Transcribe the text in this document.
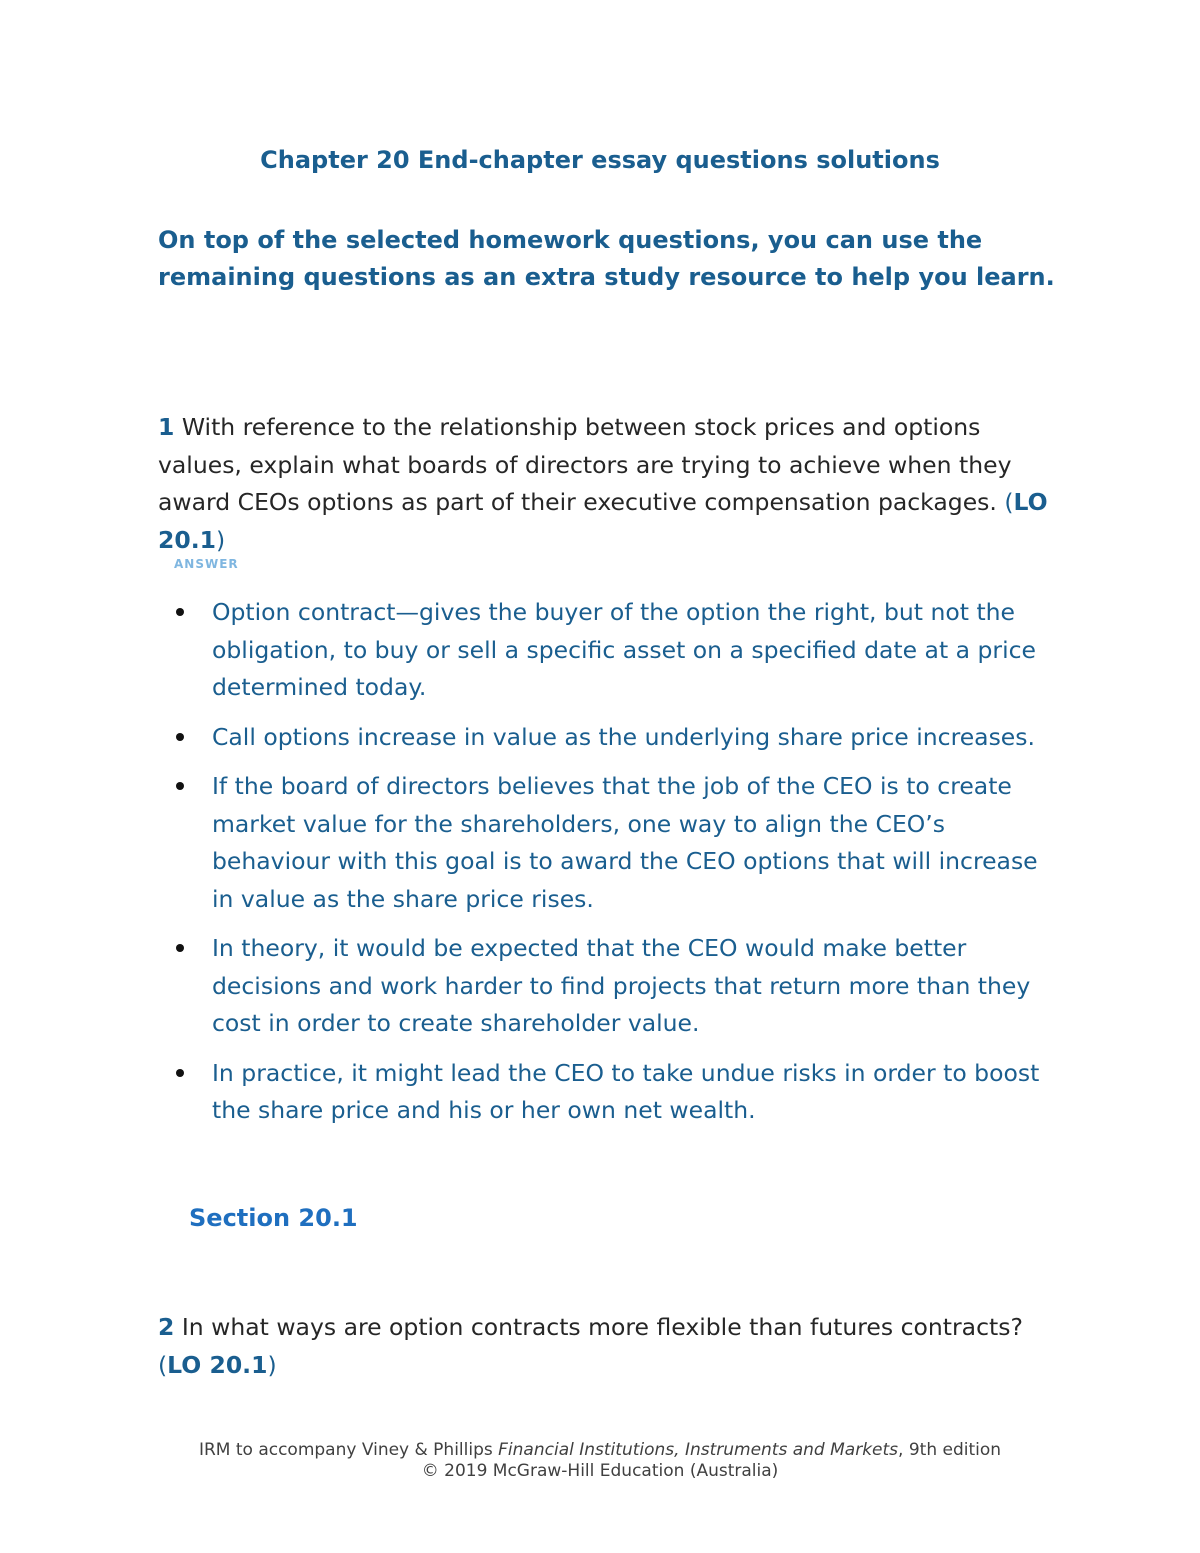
Chapter 20 End-chapter essay questions solutions

On top of the selected homework questions, you can use the remaining questions as an extra study resource to help you learn.

1 With reference to the relationship between stock prices and options values, explain what boards of directors are trying to achieve when they award CEOs options as part of their executive compensation packages. (LO 20.1)

ANSWER
Option contract—gives the buyer of the option the right, but not the obligation, to buy or sell a specific asset on a specified date at a price determined today.
Call options increase in value as the underlying share price increases.
If the board of directors believes that the job of the CEO is to create market value for the shareholders, one way to align the CEO’s behaviour with this goal is to award the CEO options that will increase in value as the share price rises.
In theory, it would be expected that the CEO would make better decisions and work harder to find projects that return more than they cost in order to create shareholder value.
In practice, it might lead the CEO to take undue risks in order to boost the share price and his or her own net wealth.
Section 20.1

2 In what ways are option contracts more flexible than futures contracts? (LO 20.1)

IRM to accompany Viney & Phillips Financial Institutions, Instruments and Markets, 9th edition
© 2019 McGraw-Hill Education (Australia)
